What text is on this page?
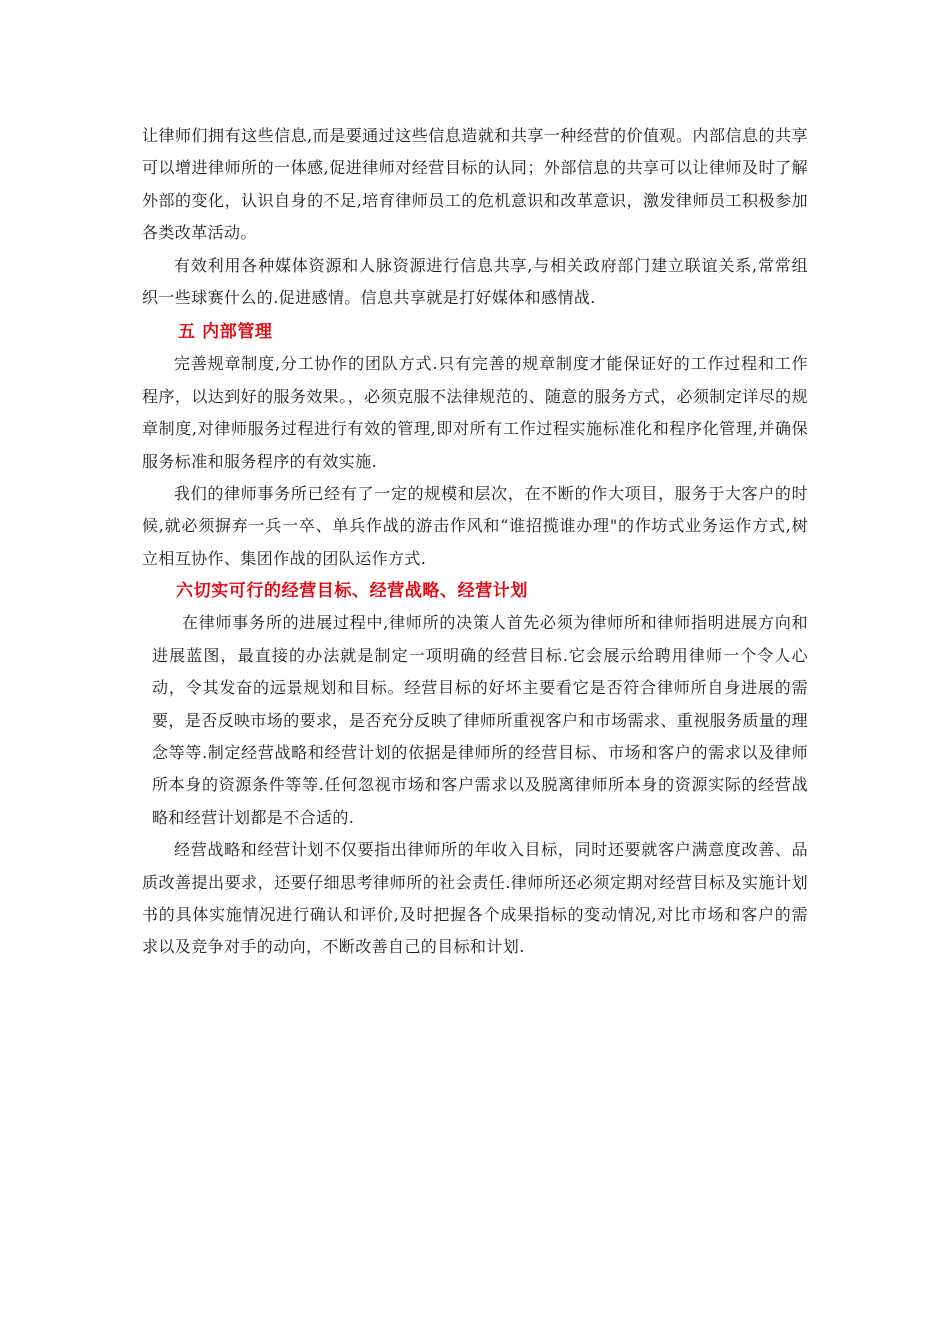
让律师们拥有这些信息,而是要通过这些信息造就和共享一种经营的价值观。内部信息的共享可以增进律师所的一体感,促进律师对经营目标的认同；外部信息的共享可以让律师及时了解外部的变化，认识自身的不足,培育律师员工的危机意识和改革意识，激发律师员工积极参加各类改革活动。

有效利用各种媒体资源和人脉资源进行信息共享,与相关政府部门建立联谊关系,常常组织一些球赛什么的.促进感情。信息共享就是打好媒体和感情战.

五 内部管理

完善规章制度,分工协作的团队方式.只有完善的规章制度才能保证好的工作过程和工作程序，以达到好的服务效果。，必须克服不法律规范的、随意的服务方式，必须制定详尽的规章制度,对律师服务过程进行有效的管理,即对所有工作过程实施标准化和程序化管理,并确保服务标准和服务程序的有效实施.

我们的律师事务所已经有了一定的规模和层次，在不断的作大项目，服务于大客户的时候,就必须摒弃一兵一卒、单兵作战的游击作风和“谁招揽谁办理"的作坊式业务运作方式,树立相互协作、集团作战的团队运作方式.

六切实可行的经营目标、经营战略、经营计划

在律师事务所的进展过程中,律师所的决策人首先必须为律师所和律师指明进展方向和进展蓝图，最直接的办法就是制定一项明确的经营目标.它会展示给聘用律师一个令人心动，令其发奋的远景规划和目标。经营目标的好坏主要看它是否符合律师所自身进展的需要，是否反映市场的要求，是否充分反映了律师所重视客户和市场需求、重视服务质量的理念等等.制定经营战略和经营计划的依据是律师所的经营目标、市场和客户的需求以及律师所本身的资源条件等等.任何忽视市场和客户需求以及脱离律师所本身的资源实际的经营战略和经营计划都是不合适的.

经营战略和经营计划不仅要指出律师所的年收入目标，同时还要就客户满意度改善、品质改善提出要求，还要仔细思考律师所的社会责任.律师所还必须定期对经营目标及实施计划书的具体实施情况进行确认和评价,及时把握各个成果指标的变动情况,对比市场和客户的需求以及竞争对手的动向，不断改善自己的目标和计划.
